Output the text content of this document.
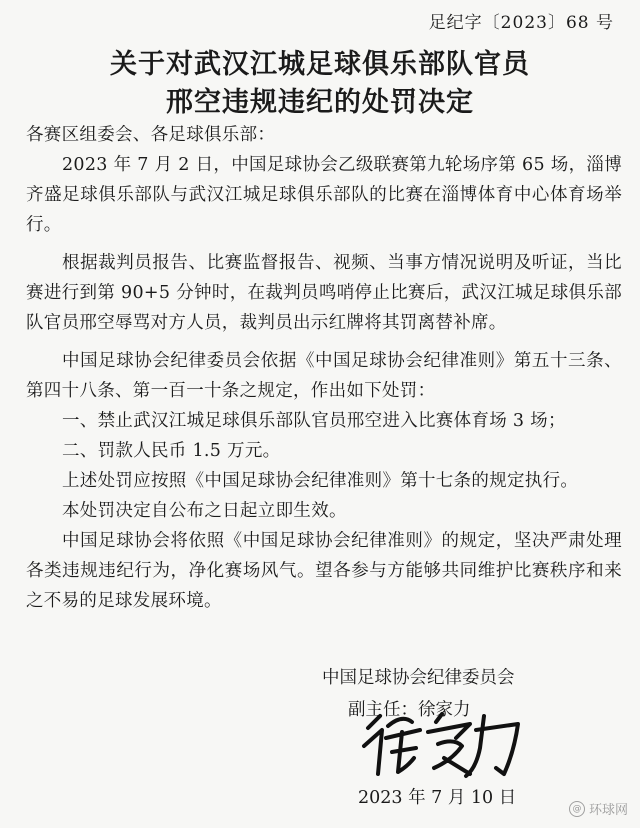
足纪字〔2023〕68 号
关于对武汉江城足球俱乐部队官员
邢空违规违纪的处罚决定

各赛区组委会、各足球俱乐部：

2023 年 7 月 2 日，中国足球协会乙级联赛第九轮场序第 65 场，淄博齐盛足球俱乐部队与武汉江城足球俱乐部队的比赛在淄博体育中心体育场举行。

根据裁判员报告、比赛监督报告、视频、当事方情况说明及听证，当比赛进行到第 90+5 分钟时，在裁判员鸣哨停止比赛后，武汉江城足球俱乐部队官员邢空辱骂对方人员，裁判员出示红牌将其罚离替补席。

中国足球协会纪律委员会依据《中国足球协会纪律准则》第五十三条、第四十八条、第一百一十条之规定，作出如下处罚：

一、禁止武汉江城足球俱乐部队官员邢空进入比赛体育场 3 场；

二、罚款人民币 1.5 万元。

上述处罚应按照《中国足球协会纪律准则》第十七条的规定执行。

本处罚决定自公布之日起立即生效。

中国足球协会将依照《中国足球协会纪律准则》的规定，坚决严肃处理各类违规违纪行为，净化赛场风气。望各参与方能够共同维护比赛秩序和来之不易的足球发展环境。

中国足球协会纪律委员会
副主任：徐家力
2023 年 7 月 10 日
@ 环球网
